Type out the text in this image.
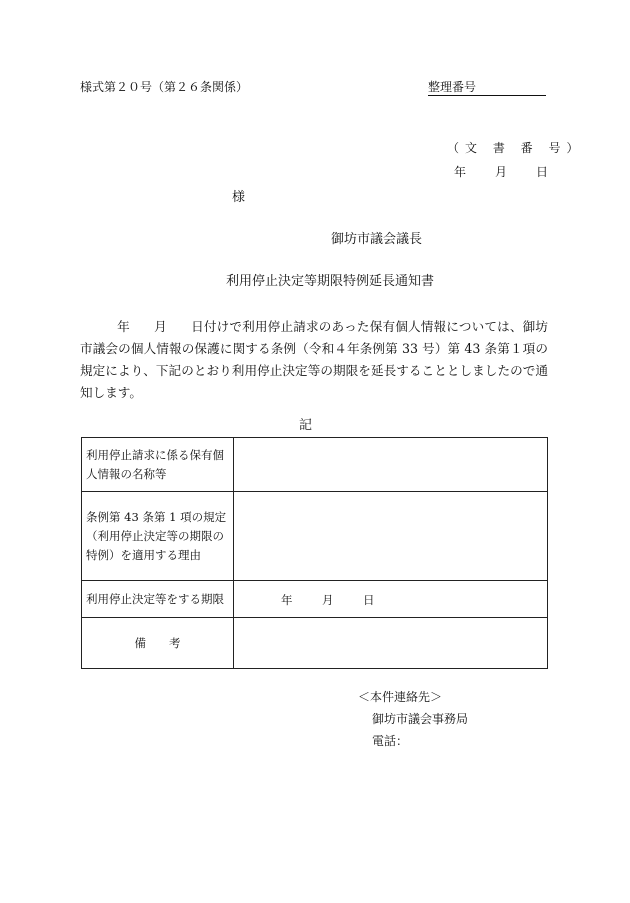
様式第２０号（第２６条関係）	整理番号
（文 書 番 号）
年 月 日
様
御坊市議会議長
利用停止決定等期限特例延長通知書
年 月 日付けで利用停止請求のあった保有個人情報については、御坊市議会の個人情報の保護に関する条例（令和４年条例第 33 号）第 43 条第１項の規定により、下記のとおり利用停止決定等の期限を延長することとしましたので通知します。
記
利用停止請求に係る保有個人情報の名称等	
条例第 43 条第 1 項の規定（利用停止決定等の期限の特例）を適用する理由	
利用停止決定等をする期限	年 月 日

備　　考	
＜本件連絡先＞
御坊市議会事務局
電話：
